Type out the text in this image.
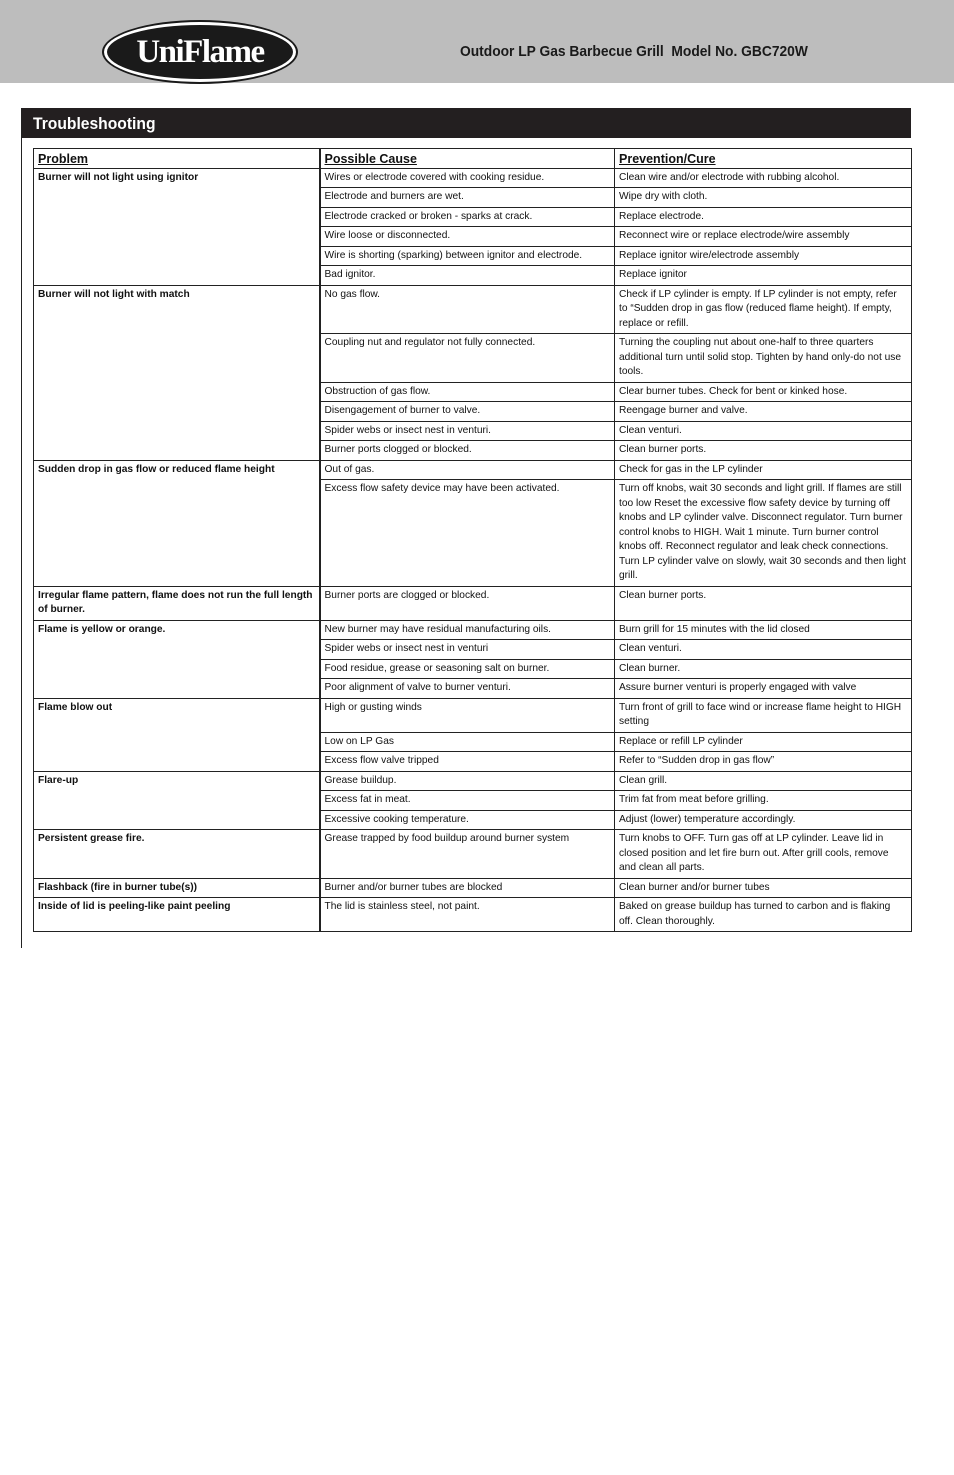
UniFlame	Outdoor LP Gas Barbecue Grill  Model No. GBC720W
Troubleshooting
Problem	Possible Cause	Prevention/Cure
Burner will not light using ignitor	Wires or electrode covered with cooking residue.	Clean wire and/or electrode with rubbing alcohol.
	Electrode and burners are wet.	Wipe dry with cloth.
	Electrode cracked or broken - sparks at crack.	Replace electrode.
	Wire loose or disconnected.	Reconnect wire or replace electrode/wire assembly
	Wire is shorting (sparking) between ignitor and electrode.	Replace ignitor wire/electrode assembly
	Bad ignitor.	Replace ignitor
Burner will not light with match	No gas flow.	Check if LP cylinder is empty. If LP cylinder is not empty, refer to “Sudden drop in gas flow (reduced flame height). If empty, replace or refill.
	Coupling nut and regulator not fully connected.	Turning the coupling nut about one-half to three quarters additional turn until solid stop. Tighten by hand only-do not use tools.
	Obstruction of gas flow.	Clear burner tubes. Check for bent or kinked hose.
	Disengagement of burner to valve.	Reengage burner and valve.
	Spider webs or insect nest in venturi.	Clean venturi.
	Burner ports clogged or blocked.	Clean burner ports.
Sudden drop in gas flow or reduced flame height	Out of gas.	Check for gas in the LP cylinder
	Excess flow safety device may have been activated.	Turn off knobs, wait 30 seconds and light grill. If flames are still too low Reset the excessive flow safety device by turning off knobs and LP cylinder valve. Disconnect regulator. Turn burner control knobs to HIGH. Wait 1 minute. Turn burner control knobs off. Reconnect regulator and leak check connections. Turn LP cylinder valve on slowly, wait 30 seconds and then light grill.
Irregular flame pattern, flame does not run the full length of burner.	Burner ports are clogged or blocked.	Clean burner ports.
Flame is yellow or orange.	New burner may have residual manufacturing oils.	Burn grill for 15 minutes with the lid closed
	Spider webs or insect nest in venturi	Clean venturi.
	Food residue, grease or seasoning salt on burner.	Clean burner.
	Poor alignment of valve to burner venturi.	Assure burner venturi is properly engaged with valve
Flame blow out	High or gusting winds	Turn front of grill to face wind or increase flame height to HIGH setting
	Low on LP Gas	Replace or refill LP cylinder
	Excess flow valve tripped	Refer to “Sudden drop in gas flow”
Flare-up	Grease buildup.	Clean grill.
	Excess fat in meat.	Trim fat from meat before grilling.
	Excessive cooking temperature.	Adjust (lower) temperature accordingly.
Persistent grease fire.	Grease trapped by food buildup around burner system	Turn knobs to OFF. Turn gas off at LP cylinder. Leave lid in closed position and let fire burn out. After grill cools, remove and clean all parts.
Flashback (fire in burner tube(s))	Burner and/or burner tubes are blocked	Clean burner and/or burner tubes
Inside of lid is peeling-like paint peeling	The lid is stainless steel, not paint.	Baked on grease buildup has turned to carbon and is flaking off. Clean thoroughly.
